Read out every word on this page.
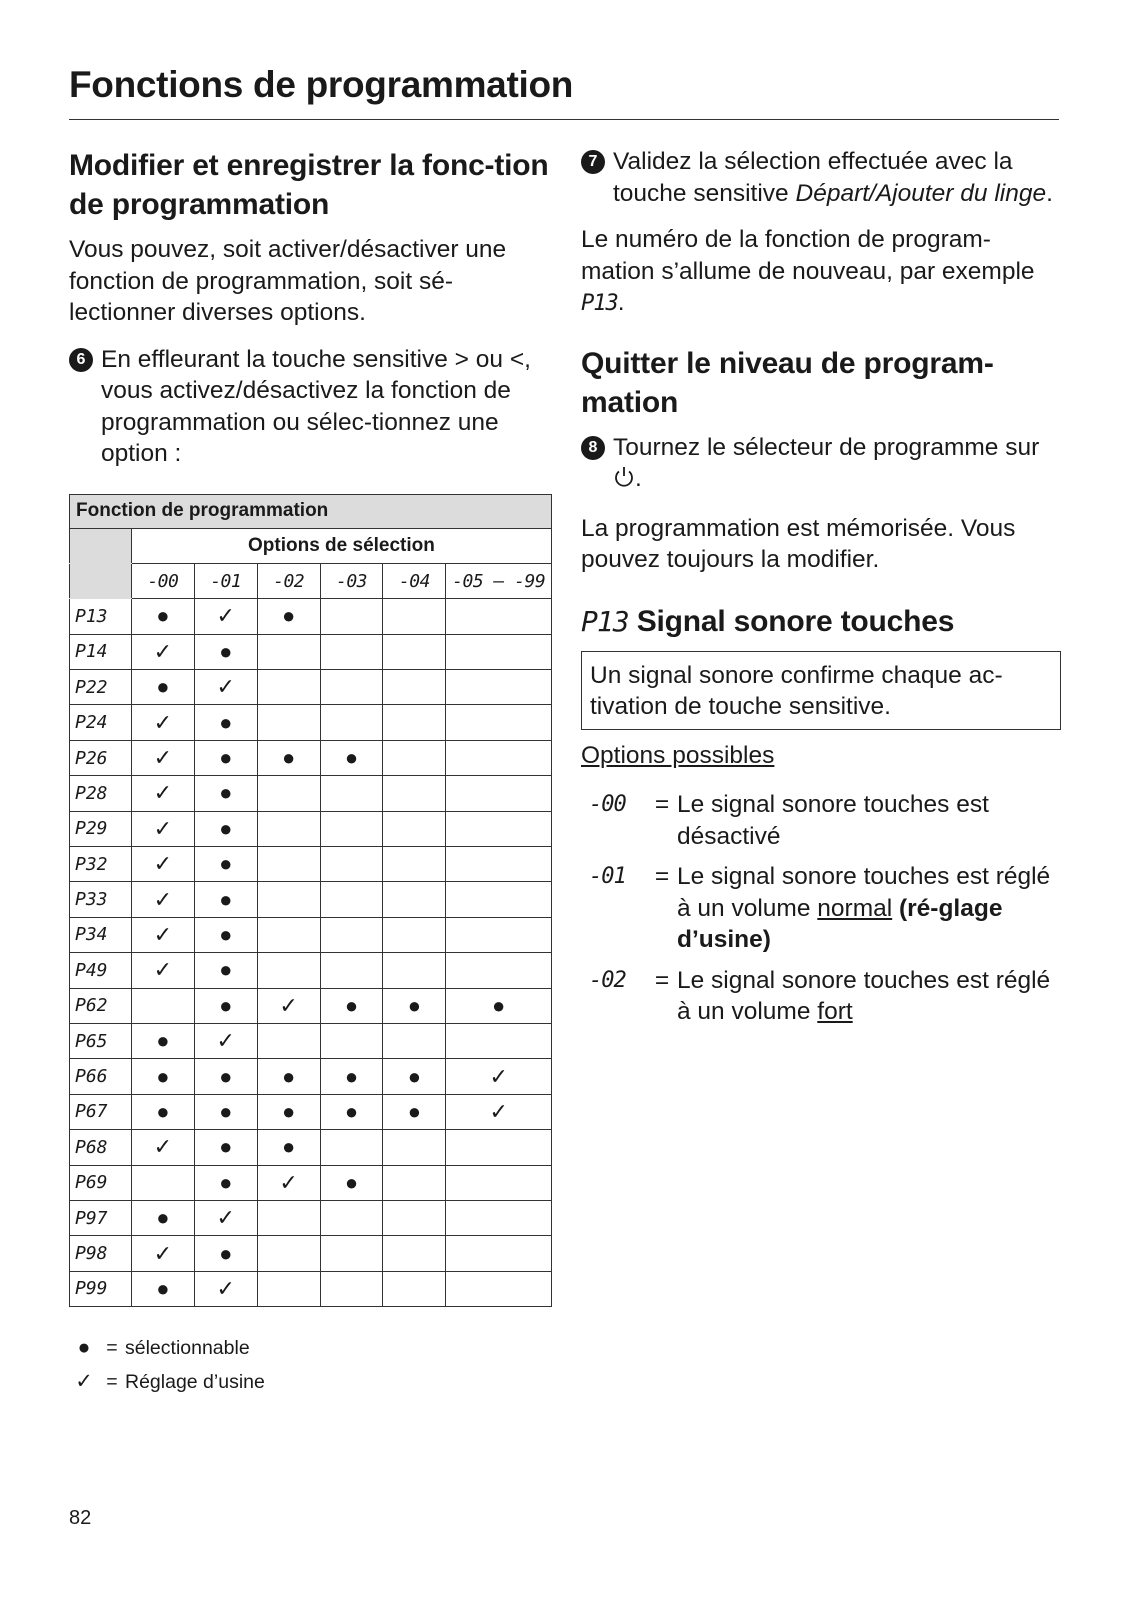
Fonctions de programmation
Modifier et enregistrer la fonc-tion de programmation

Vous pouvez, soit activer/désactiver une fonction de programmation, soit sé-lectionner diverses options.

6 En effleurant la touche sensitive > ou <, vous activez/désactivez la fonction de programmation ou sélec-tionnez une option :
Fonction de programmation						
	Options de sélection					
	-00	-01	-02	-03	-04	-05 – -99
P13	●	✓	●			
P14	✓	●				
P22	●	✓				
P24	✓	●				
P26	✓	●	●	●		
P28	✓	●				
P29	✓	●				
P32	✓	●				
P33	✓	●				
P34	✓	●				
P49	✓	●				
P62		●	✓	●	●	●
P65	●	✓				
P66	●	●	●	●	●	✓
P67	●	●	●	●	●	✓
P68	✓	●	●			
P69		●	✓	●		
P97	●	✓				
P98	✓	●				
P99	●	✓				
● = sélectionnable
✓ = Réglage d’usine
7 Validez la sélection effectuée avec la touche sensitive Départ/Ajouter du linge.

Le numéro de la fonction de program-mation s’allume de nouveau, par exemple P13.

Quitter le niveau de program-mation
8 Tournez le sélecteur de programme sur .

La programmation est mémorisée. Vous pouvez toujours la modifier.

P13 Signal sonore touches
Un signal sonore confirme chaque ac-tivation de touche sensitive.

Options possibles

-00	= Le signal sonore touches est désactivé
-01	= Le signal sonore touches est réglé à un volume normal (ré-glage d’usine)
-02	= Le signal sonore touches est réglé à un volume fort

82
